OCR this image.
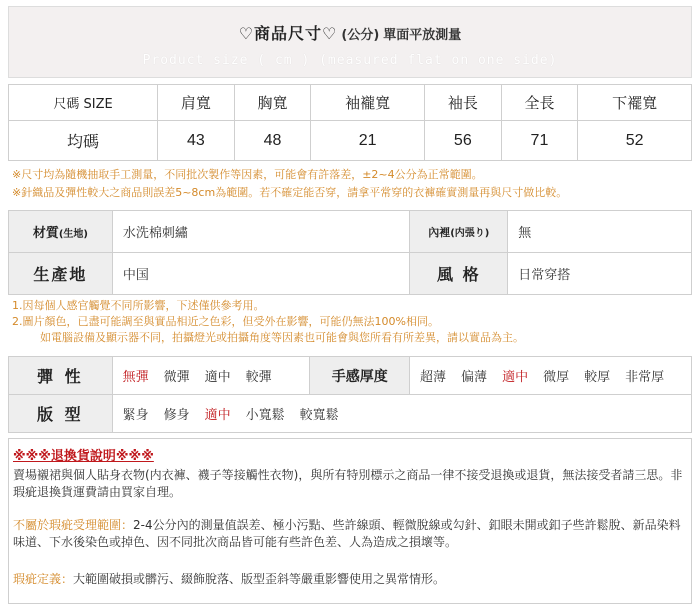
♡商品尺寸♡ (公分) 單面平放測量
Product size ( cm ) (measured flat on one side)
尺碼 SIZE	肩寬	胸寬	袖襱寬	袖長	全長	下襬寬
均碼	43	48	21	56	71	52
※尺寸均為隨機抽取手工測量，不同批次製作等因素，可能會有許落差，±2~4公分為正常範圍。
※針織品及彈性較大之商品則誤差5~8cm為範圍。若不確定能否穿，請拿平常穿的衣褲確實測量再與尺寸做比較。
材質(生地)	水洗棉刺繡	內裡(内張り)	無
生產地	中国	風 格	日常穿搭
1.因每個人感官觸覺不同所影響，下述僅供參考用。
2.圖片顏色，已盡可能調至與實品相近之色彩，但受外在影響，可能仍無法100%相同。
如電腦設備及顯示器不同，拍攝燈光或拍攝角度等因素也可能會與您所看有所差異，請以實品為主。
彈 性	無彈 微彈 適中 較彈	手感厚度	超薄 偏薄 適中 微厚 較厚 非常厚
版 型	緊身 修身 適中 小寬鬆 較寬鬆		
※※※退換貨說明※※※
賣場襯裙與個人貼身衣物(内衣褲、襪子等接觸性衣物)，與所有特別標示之商品一律不接受退換或退貨，無法接受者請三思。非瑕疵退換貨運費請由買家自理。
不屬於瑕疵受理範圍：2-4公分內的測量值誤差、極小污點、些許線頭、輕微脫線或勾針、釦眼未開或釦子些許鬆脫、新品染料味道、下水後染色或掉色、因不同批次商品皆可能有些許色差、人為造成之損壞等。
瑕疵定義：大範圍破損或髒污、綴飾脫落、版型歪斜等嚴重影響使用之異常情形。
